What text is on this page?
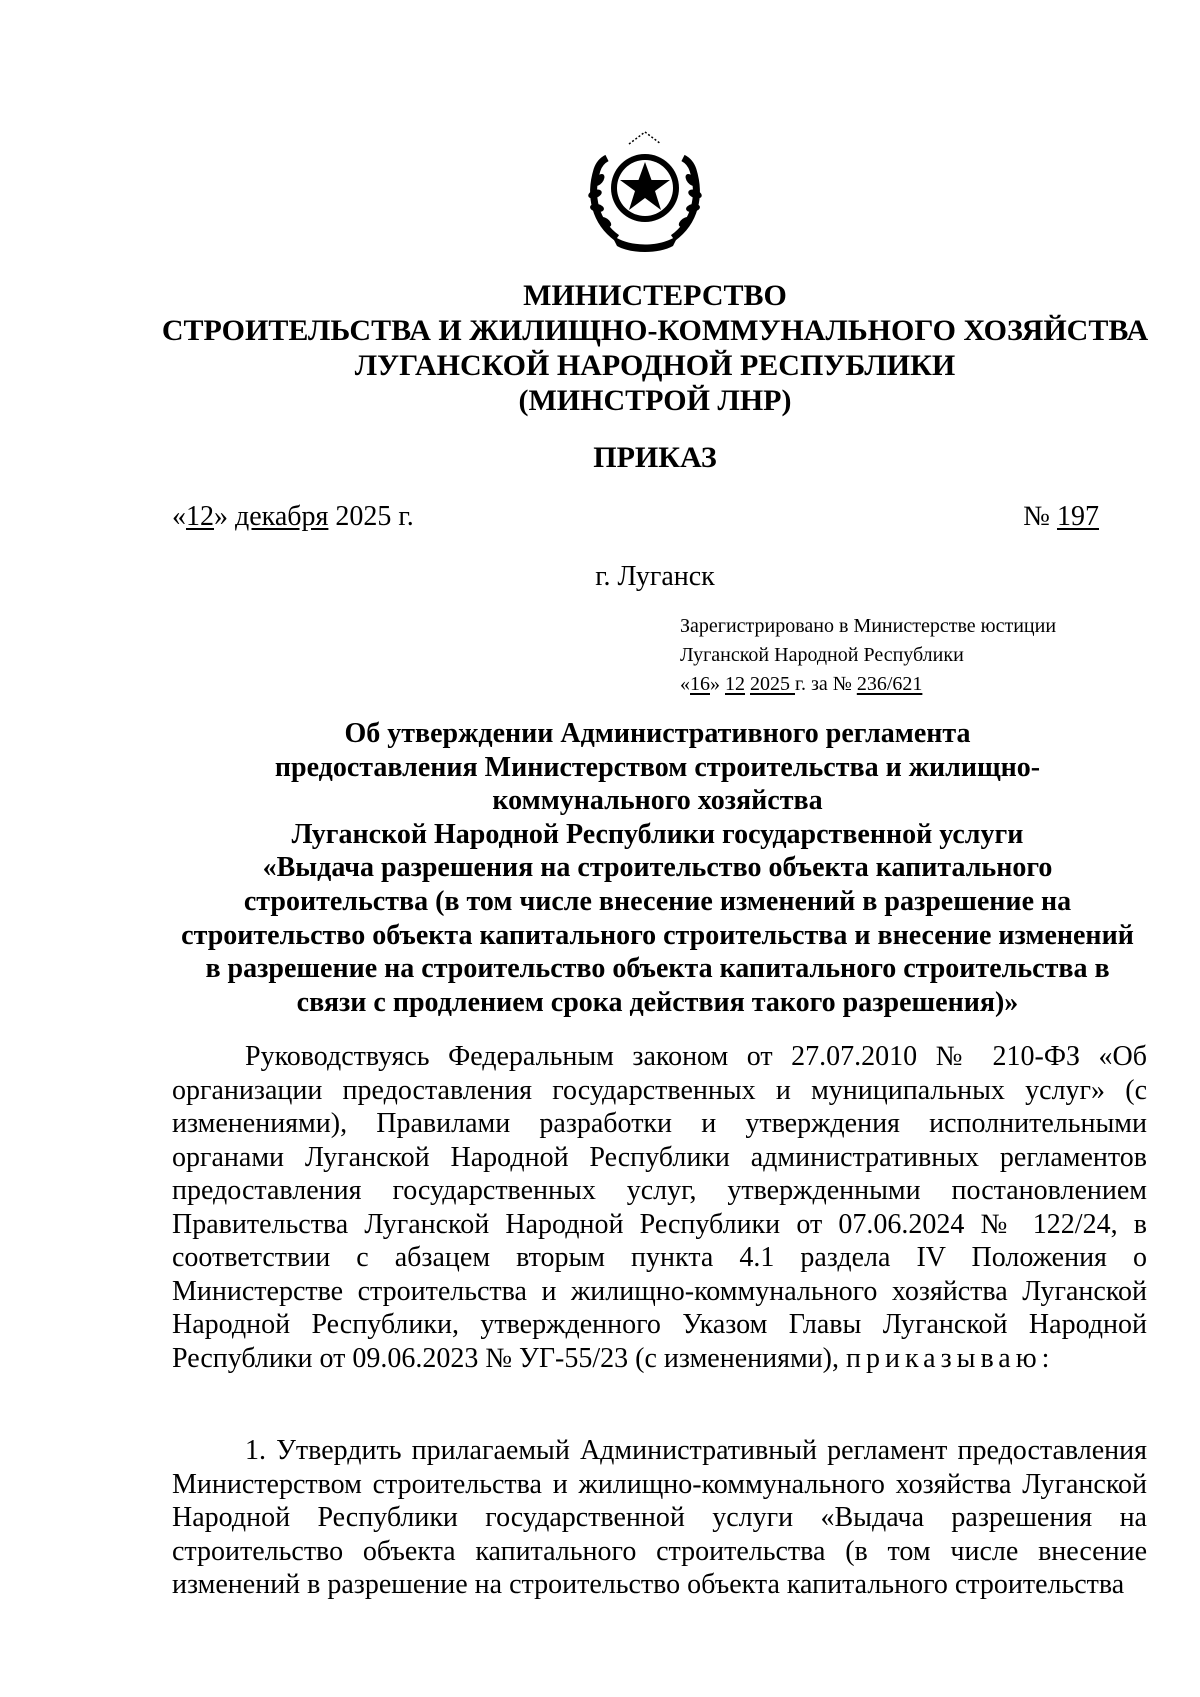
МИНИСТЕРСТВО
СТРОИТЕЛЬСТВА И ЖИЛИЩНО-КОММУНАЛЬНОГО ХОЗЯЙСТВА
ЛУГАНСКОЙ НАРОДНОЙ РЕСПУБЛИКИ
(МИНСТРОЙ ЛНР)
ПРИКАЗ
«12» декабря 2025 г.	№ 197
г. Луганск
Зарегистрировано в Министерстве юстиции
Луганской Народной Республики
«16» 12 2025 г. за № 236/621
Об утверждении Административного регламента
предоставления Министерством строительства и жилищно-
коммунального хозяйства
Луганской Народной Республики государственной услуги
«Выдача разрешения на строительство объекта капитального
строительства (в том числе внесение изменений в разрешение на
строительство объекта капитального строительства и внесение изменений
в разрешение на строительство объекта капитального строительства в
связи с продлением срока действия такого разрешения)»

Руководствуясь Федеральным законом от 27.07.2010 № 210-ФЗ «Об организации предоставления государственных и муниципальных услуг» (с изменениями), Правилами разработки и утверждения исполнительными органами Луганской Народной Республики административных регламентов предоставления государственных услуг, утвержденными постановлением Правительства Луганской Народной Республики от 07.06.2024 № 122/24, в соответствии с абзацем вторым пункта 4.1 раздела IV Положения о Министерстве строительства и жилищно-коммунального хозяйства Луганской Народной Республики, утвержденного Указом Главы Луганской Народной Республики от 09.06.2023 № УГ-55/23 (с изменениями), приказываю:

1. Утвердить прилагаемый Административный регламент предоставления Министерством строительства и жилищно-коммунального хозяйства Луганской Народной Республики государственной услуги «Выдача разрешения на строительство объекта капитального строительства (в том числе внесение изменений в разрешение на строительство объекта капитального строительства
